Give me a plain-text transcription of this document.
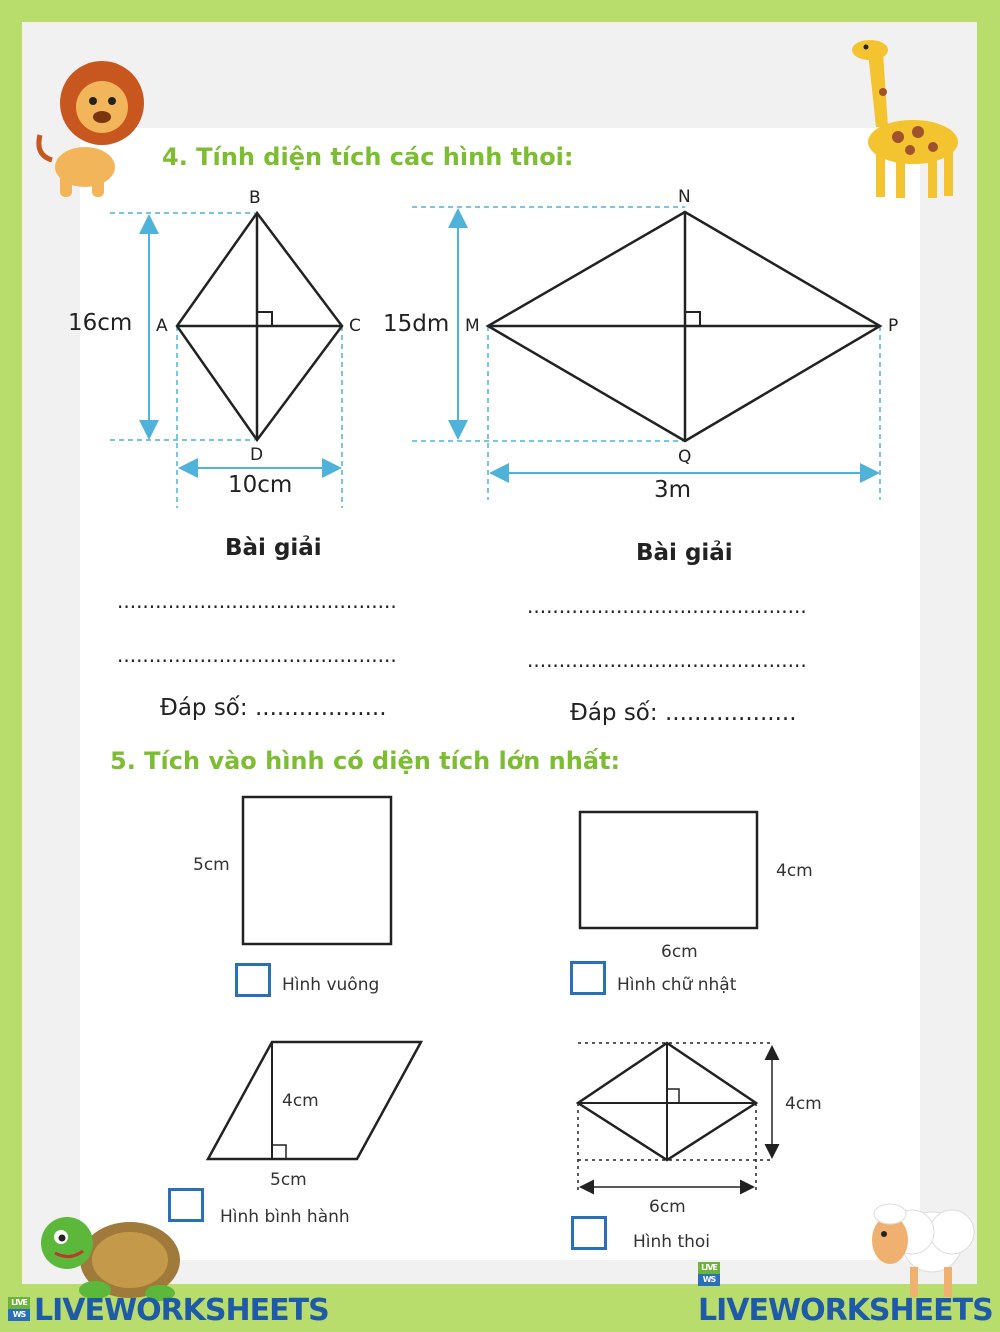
4. Tính diện tích các hình thoi:
B
A	C
D
16cm
10cm
N
M	P
Q
15dm
3m
Bài giải
............................................
............................................
Đáp số: ..................
Bài giải
............................................
............................................
Đáp số: ..................
5. Tích vào hình có diện tích lớn nhất:
5cm
Hình vuông
4cm
6cm
Hình chữ nhật
4cm
5cm
Hình bình hành
4cm
6cm
Hình thoi
LIVE
WS LIVEWORKSHEETS
LIVE
WS
LIVEWORKSHEETS
